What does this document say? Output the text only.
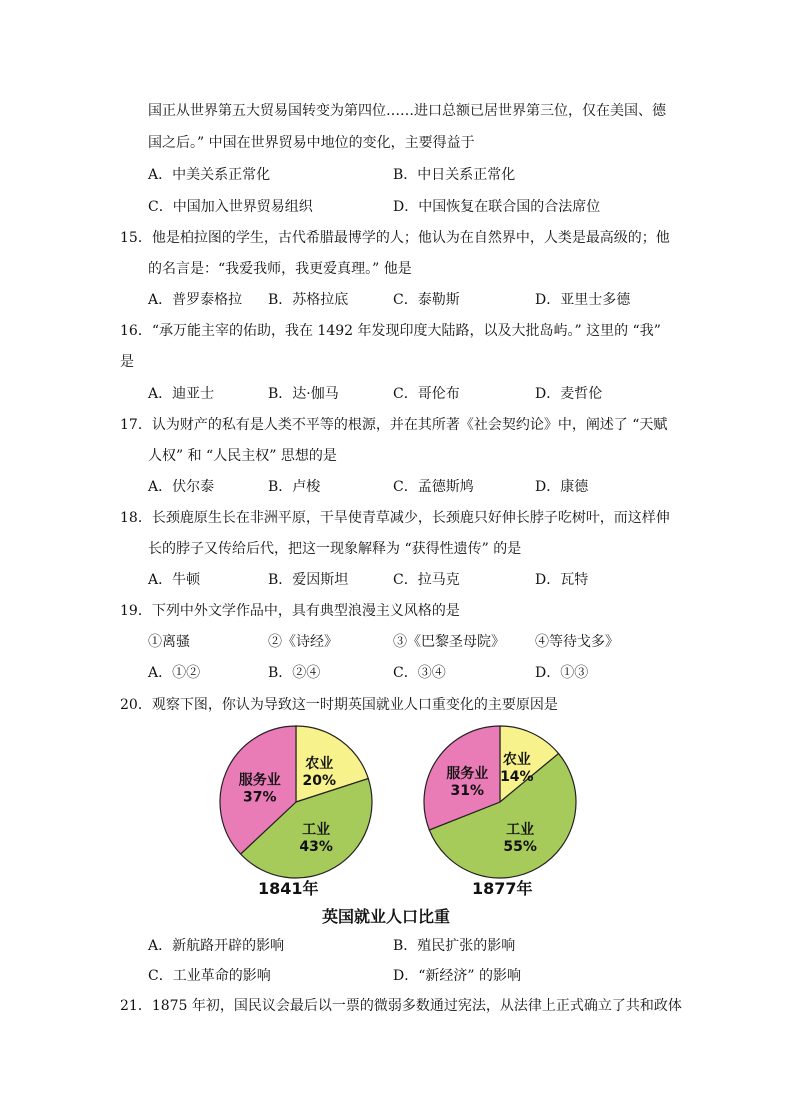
国正从世界第五大贸易国转变为第四位……进口总额已居世界第三位，仅在美国、德
国之后。” 中国在世界贸易中地位的变化，主要得益于
A．中美关系正常化	B．中日关系正常化
C．中国加入世界贸易组织	D．中国恢复在联合国的合法席位
15．他是柏拉图的学生，古代希腊最博学的人；他认为在自然界中，人类是最高级的；他
的名言是：“我爱我师，我更爱真理。” 他是
A．普罗泰格拉 B．苏格拉底	C．泰勒斯	D．亚里士多德
16．“承万能主宰的佑助，我在 1492 年发现印度大陆路，以及大批岛屿。” 这里的 “我”
是
A．迪亚士	B．达·伽马	C．哥伦布	D．麦哲伦
17．认为财产的私有是人类不平等的根源，并在其所著《社会契约论》中，阐述了 “天赋
人权” 和 “人民主权” 思想的是
A．伏尔泰	B．卢梭	C．孟德斯鸠	D．康德
18．长颈鹿原生长在非洲平原，干旱使青草减少，长颈鹿只好伸长脖子吃树叶，而这样伸
长的脖子又传给后代，把这一现象解释为 “获得性遗传” 的是
A．牛顿	B．爱因斯坦	C．拉马克	D．瓦特
19．下列中外文学作品中，具有典型浪漫主义风格的是
①离骚	②《诗经》	③《巴黎圣母院》 ④等待戈多》
A．①②	B．②④	C．③④	D．①③
20．观察下图，你认为导致这一时期英国就业人口重变化的主要原因是
农业
20%
工业
43%
服务业
37%
农业
14%
工业
55%
服务业
31%
1841年	1877年
英国就业人口比重
A．新航路开辟的影响	B．殖民扩张的影响
C．工业革命的影响	D．“新经济” 的影响
21．1875 年初，国民议会最后以一票的微弱多数通过宪法，从法律上正式确立了共和政体
